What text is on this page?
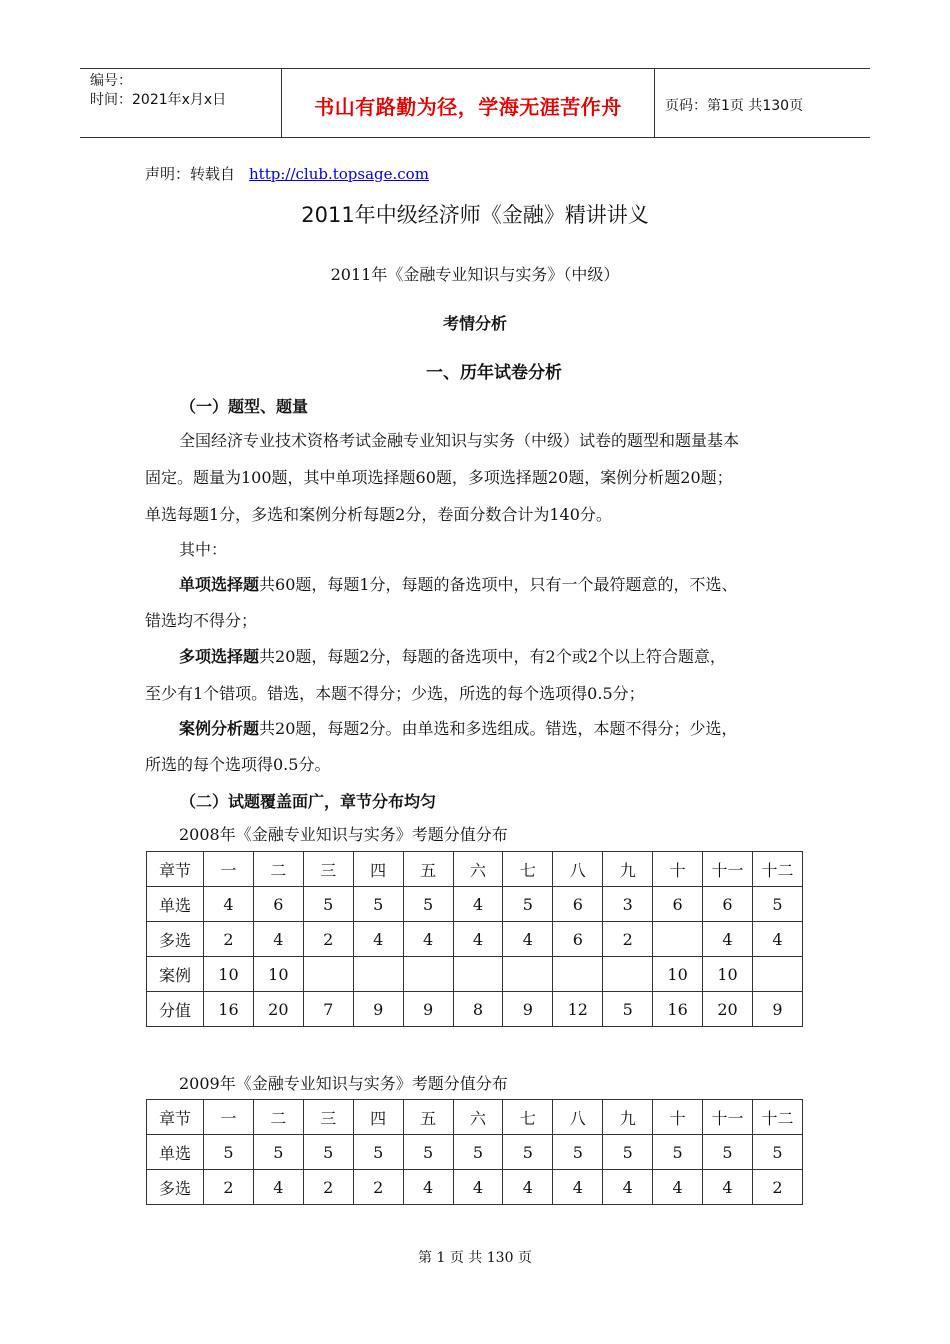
编号：
时间：2021年x月x日	书山有路勤为径，学海无涯苦作舟	页码：第1页 共130页
声明：转载自 http://club.topsage.com
2011年中级经济师《金融》精讲讲义
2011年《金融专业知识与实务》（中级）
考情分析
一、历年试卷分析
（一）题型、题量
全国经济专业技术资格考试金融专业知识与实务（中级）试卷的题型和题量基本
固定。题量为100题，其中单项选择题60题，多项选择题20题，案例分析题20题；
单选每题1分，多选和案例分析每题2分，卷面分数合计为140分。
其中：
单项选择题共60题，每题1分，每题的备选项中，只有一个最符题意的，不选、
错选均不得分；
多项选择题共20题，每题2分，每题的备选项中，有2个或2个以上符合题意，
至少有1个错项。错选，本题不得分；少选，所选的每个选项得0.5分；
案例分析题共20题，每题2分。由单选和多选组成。错选，本题不得分；少选，
所选的每个选项得0.5分。
（二）试题覆盖面广，章节分布均匀
2008年《金融专业知识与实务》考题分值分布
章节	一	二	三	四	五	六	七	八	九	十	十一	十二
单选	4	6	5	5	5	4	5	6	3	6	6	5
多选	2	4	2	4	4	4	4	6	2		4	4
案例	10	10								10	10	
分值	16	20	7	9	9	8	9	12	5	16	20	9
2009年《金融专业知识与实务》考题分值分布
章节	一	二	三	四	五	六	七	八	九	十	十一	十二
单选	5	5	5	5	5	5	5	5	5	5	5	5
多选	2	4	2	2	4	4	4	4	4	4	4	2
第 1 页 共 130 页
